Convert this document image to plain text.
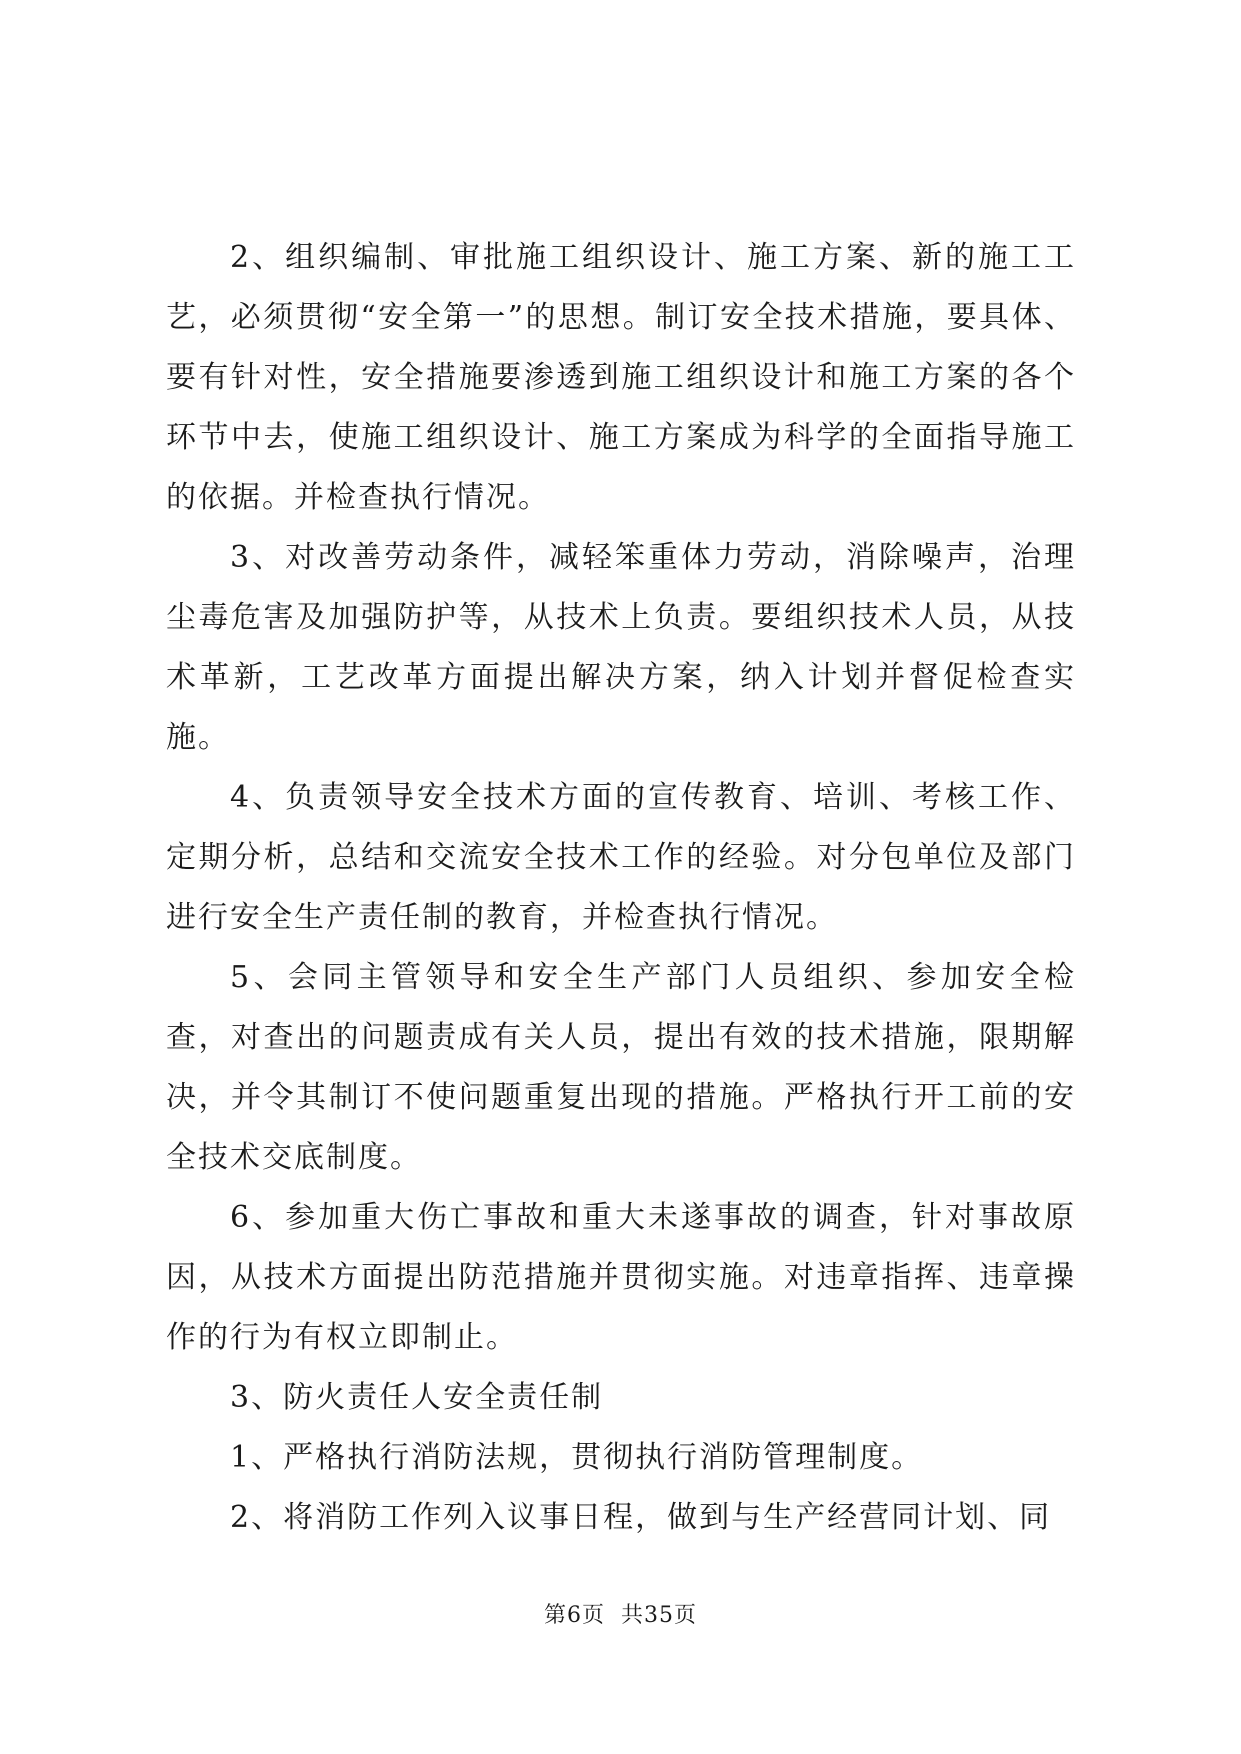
2、组织编制、审批施工组织设计、施工方案、新的施工工艺，必须贯彻“安全第一”的思想。制订安全技术措施，要具体、要有针对性，安全措施要渗透到施工组织设计和施工方案的各个环节中去，使施工组织设计、施工方案成为科学的全面指导施工的依据。并检查执行情况。

3、对改善劳动条件，减轻笨重体力劳动，消除噪声，治理尘毒危害及加强防护等，从技术上负责。要组织技术人员，从技术革新，工艺改革方面提出解决方案，纳入计划并督促检查实施。

4、负责领导安全技术方面的宣传教育、培训、考核工作、定期分析，总结和交流安全技术工作的经验。对分包单位及部门进行安全生产责任制的教育，并检查执行情况。

5、会同主管领导和安全生产部门人员组织、参加安全检查，对查出的问题责成有关人员，提出有效的技术措施，限期解决，并令其制订不使问题重复出现的措施。严格执行开工前的安全技术交底制度。

6、参加重大伤亡事故和重大未遂事故的调查，针对事故原因，从技术方面提出防范措施并贯彻实施。对违章指挥、违章操作的行为有权立即制止。

3、防火责任人安全责任制

1、严格执行消防法规，贯彻执行消防管理制度。

2、将消防工作列入议事日程，做到与生产经营同计划、同

第6页  共35页
